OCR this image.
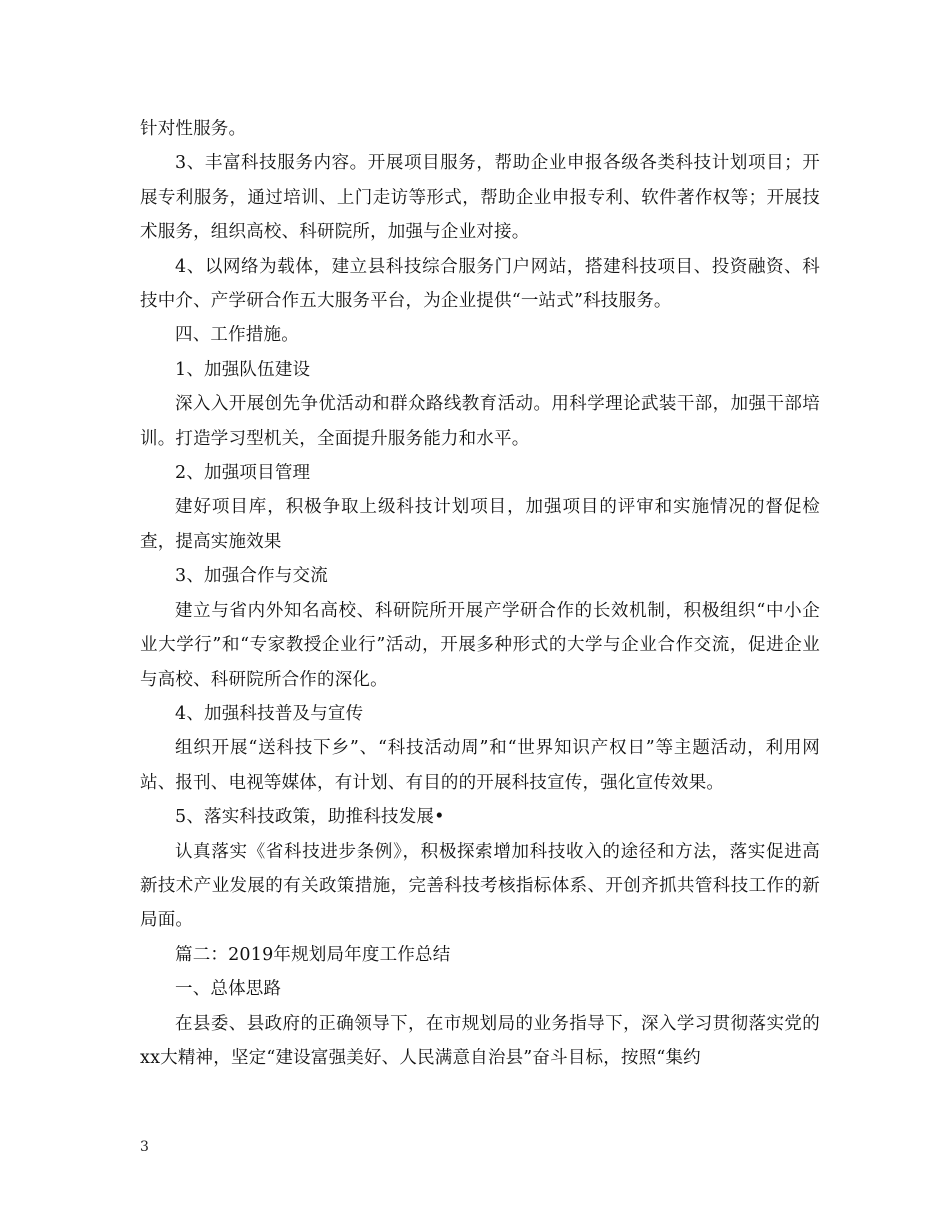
针对性服务。

3、丰富科技服务内容。开展项目服务，帮助企业申报各级各类科技计划项目；开展专利服务，通过培训、上门走访等形式，帮助企业申报专利、软件著作权等；开展技术服务，组织高校、科研院所，加强与企业对接。

4、以网络为载体，建立县科技综合服务门户网站，搭建科技项目、投资融资、科技中介、产学研合作五大服务平台，为企业提供“一站式”科技服务。

四、工作措施。

1、加强队伍建设

深入入开展创先争优活动和群众路线教育活动。用科学理论武装干部，加强干部培训。打造学习型机关，全面提升服务能力和水平。

2、加强项目管理

建好项目库，积极争取上级科技计划项目，加强项目的评审和实施情况的督促检查，提高实施效果

3、加强合作与交流

建立与省内外知名高校、科研院所开展产学研合作的长效机制，积极组织“中小企业大学行”和“专家教授企业行”活动，开展多种形式的大学与企业合作交流，促进企业与高校、科研院所合作的深化。

4、加强科技普及与宣传

组织开展“送科技下乡”、“科技活动周”和“世界知识产权日”等主题活动，利用网站、报刊、电视等媒体，有计划、有目的的开展科技宣传，强化宣传效果。

5、落实科技政策，助推科技发展•

认真落实《省科技进步条例》，积极探索增加科技收入的途径和方法，落实促进高新技术产业发展的有关政策措施，完善科技考核指标体系、开创齐抓共管科技工作的新局面。

篇二：2019年规划局年度工作总结

一、总体思路

在县委、县政府的正确领导下，在市规划局的业务指导下，深入学习贯彻落实党的xx大精神，坚定“建设富强美好、人民满意自治县”奋斗目标，按照“集约

3
